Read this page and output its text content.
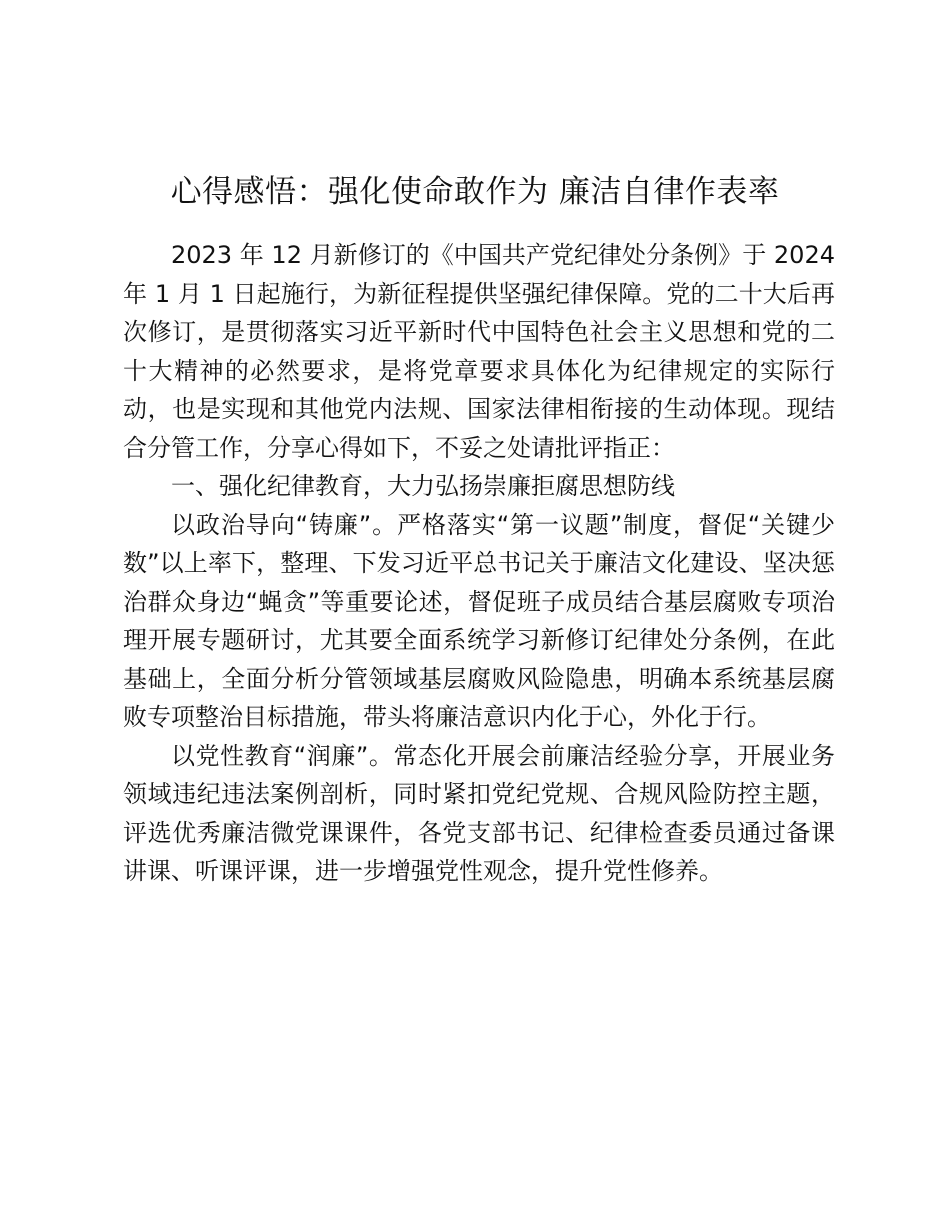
心得感悟：强化使命敢作为 廉洁自律作表率

2023 年 12 月新修订的《中国共产党纪律处分条例》于 2024 年 1 月 1 日起施行，为新征程提供坚强纪律保障。党的二十大后再次修订，是贯彻落实习近平新时代中国特色社会主义思想和党的二十大精神的必然要求，是将党章要求具体化为纪律规定的实际行动，也是实现和其他党内法规、国家法律相衔接的生动体现。现结合分管工作，分享心得如下，不妥之处请批评指正：

一、强化纪律教育，大力弘扬崇廉拒腐思想防线

以政治导向“铸廉”。严格落实“第一议题”制度，督促“关键少数”以上率下，整理、下发习近平总书记关于廉洁文化建设、坚决惩治群众身边“蝇贪”等重要论述，督促班子成员结合基层腐败专项治理开展专题研讨，尤其要全面系统学习新修订纪律处分条例，在此基础上，全面分析分管领域基层腐败风险隐患，明确本系统基层腐败专项整治目标措施，带头将廉洁意识内化于心，外化于行。

以党性教育“润廉”。常态化开展会前廉洁经验分享，开展业务领域违纪违法案例剖析，同时紧扣党纪党规、合规风险防控主题，评选优秀廉洁微党课课件，各党支部书记、纪律检查委员通过备课讲课、听课评课，进一步增强党性观念，提升党性修养。
